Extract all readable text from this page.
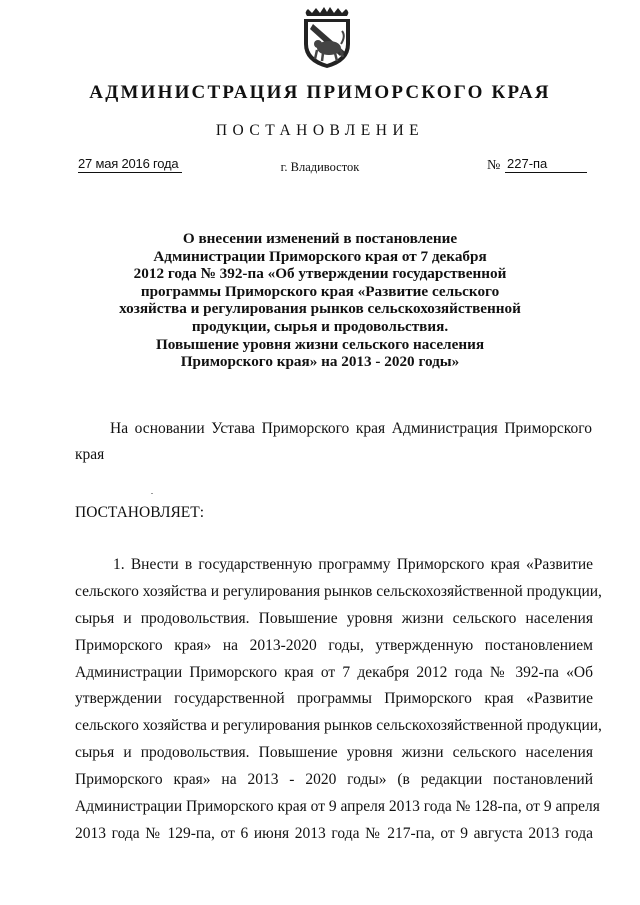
АДМИНИСТРАЦИЯ ПРИМОРСКОГО КРАЯ
ПОСТАНОВЛЕНИЕ
27 мая 2016 года	г. Владивосток	№ 227-па
О внесении изменений в постановление
Администрации Приморского края от 7 декабря
2012 года № 392-па «Об утверждении государственной
программы Приморского края «Развитие сельского
хозяйства и регулирования рынков сельскохозяйственной
продукции, сырья и продовольствия.
Повышение уровня жизни сельского населения
Приморского края» на 2013 - 2020 годы»
На основании Устава Приморского края Администрация Приморского
края
ПОСТАНОВЛЯЕТ:

1. Внести в государственную программу Приморского края «Развитие
сельского хозяйства и регулирования рынков сельскохозяйственной продукции,
сырья и продовольствия. Повышение уровня жизни сельского населения
Приморского края» на 2013-2020 годы, утвержденную постановлением
Администрации Приморского края от 7 декабря 2012 года № 392-па «Об
утверждении государственной программы Приморского края «Развитие
сельского хозяйства и регулирования рынков сельскохозяйственной продукции,
сырья и продовольствия. Повышение уровня жизни сельского населения
Приморского края» на 2013 - 2020 годы» (в редакции постановлений
Администрации Приморского края от 9 апреля 2013 года № 128-па, от 9 апреля
2013 года № 129-па, от 6 июня 2013 года № 217-па, от 9 августа 2013 года
